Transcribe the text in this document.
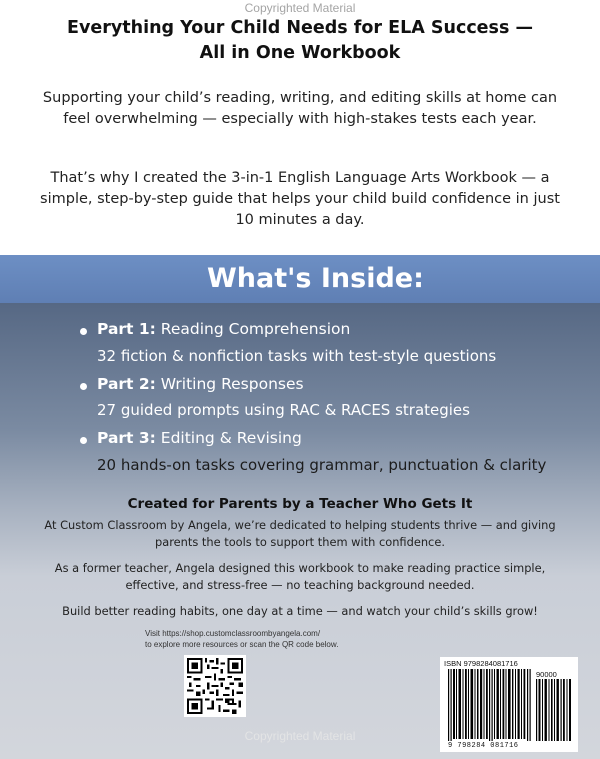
Copyrighted Material
Everything Your Child Needs for ELA Success —
All in One Workbook

Supporting your child’s reading, writing, and editing skills at home can feel overwhelming — especially with high-stakes tests each year.

That’s why I created the 3-in-1 English Language Arts Workbook — a simple, step-by-step guide that helps your child build confidence in just 10 minutes a day.

What's Inside:
Part 1: Reading Comprehension
32 fiction & nonfiction tasks with test-style questions
Part 2: Writing Responses
27 guided prompts using RAC & RACES strategies
Part 3: Editing & Revising
20 hands-on tasks covering grammar, punctuation & clarity
Created for Parents by a Teacher Who Gets It

At Custom Classroom by Angela, we’re dedicated to helping students thrive — and giving parents the tools to support them with confidence.

As a former teacher, Angela designed this workbook to make reading practice simple, effective, and stress-free — no teaching background needed.

Build better reading habits, one day at a time — and watch your child’s skills grow!

Visit https://shop.customclassroombyangela.com/
to explore more resources or scan the QR code below.

ISBN 9798284081716
90000
9 798284 081716
Copyrighted Material
